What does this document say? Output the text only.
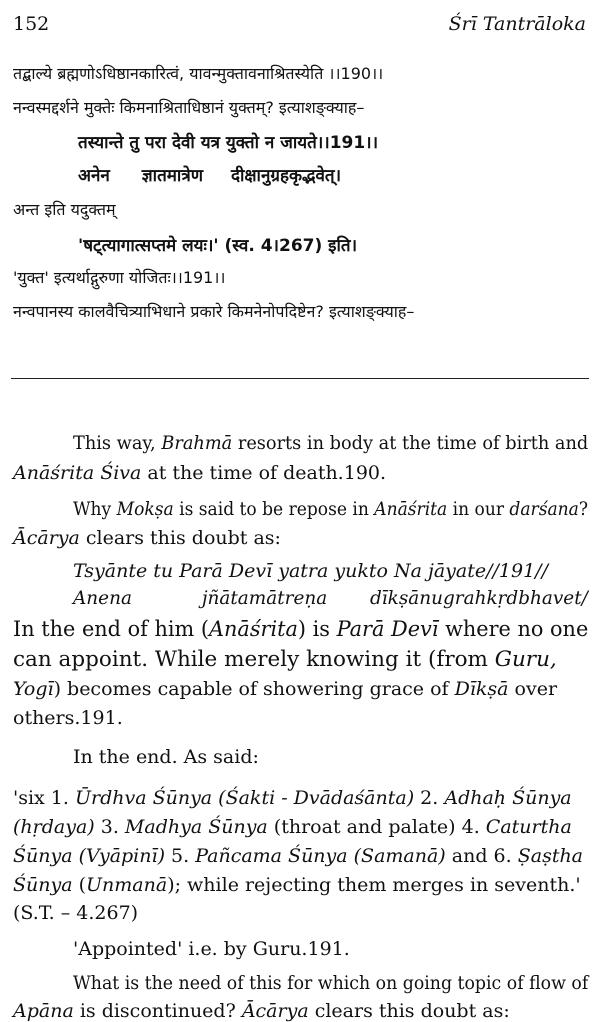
152	Śrī Tantrāloka
तद्बाल्ये ब्रह्मणोऽधिष्ठानकारित्वं, यावन्मुक्तावनाश्रितस्येति ।।190।।
नन्वस्मद्दर्शने मुक्तेः किमनाश्रिताधिष्ठानं युक्तम्? इत्याशङ्क्याह–
तस्यान्ते तु परा देवी यत्र युक्तो न जायते।।191।।
अनेन ज्ञातमात्रेण दीक्षानुग्रहकृद्भवेत्।
अन्त इति यदुक्तम्
'षट्त्यागात्सप्तमे लयः।' (स्व. 4।267) इति।
'युक्त' इत्यर्थाद्गुरुणा योजितः।।191।।
नन्वपानस्य कालवैचित्र्याभिधाने प्रकारे किमनेनोपदिष्टेन? इत्याशङ्क्याह–
This way, Brahmā resorts in body at the time of birth and
Anāśrita Śiva at the time of death.190.
Why Mokṣa is said to be repose in Anāśrita in our darśana?
Ācārya clears this doubt as:
Tsyānte tu Parā Devī yatra yukto Na jāyate//191//
Anena	jñātamātreṇa dīkṣānugrahkṛdbhavet/
In the end of him (Anāśrita) is Parā Devī where no one
can appoint. While merely knowing it (from Guru,
Yogī) becomes capable of showering grace of Dīkṣā over
others.191.
In the end. As said:
'six 1. Ūrdhva Śūnya (Śakti - Dvādaśānta) 2. Adhaḥ Śūnya
(hṛdaya) 3. Madhya Śūnya (throat and palate) 4. Caturtha
Śūnya (Vyāpinī) 5. Pañcama Śūnya (Samanā) and 6. Ṣaṣtha
Śūnya (Unmanā); while rejecting them merges in seventh.'
(S.T. – 4.267)
'Appointed' i.e. by Guru.191.
What is the need of this for which on going topic of flow of
Apāna is discontinued? Ācārya clears this doubt as:
